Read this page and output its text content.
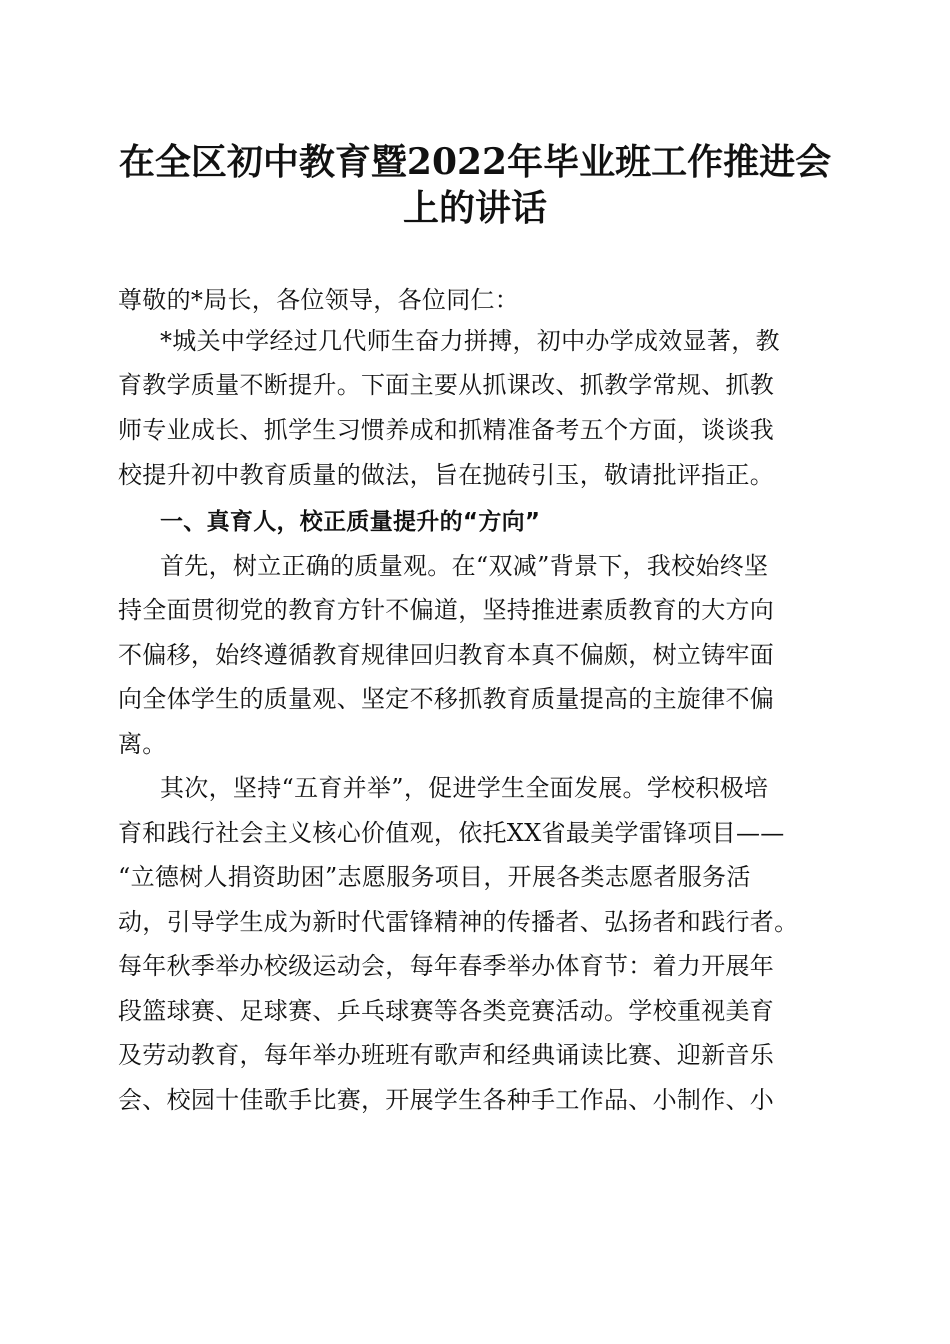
在全区初中教育暨2022年毕业班工作推进会
上的讲话
尊敬的*局长，各位领导，各位同仁：
*城关中学经过几代师生奋力拼搏，初中办学成效显著，教
育教学质量不断提升。下面主要从抓课改、抓教学常规、抓教
师专业成长、抓学生习惯养成和抓精准备考五个方面，谈谈我
校提升初中教育质量的做法，旨在抛砖引玉，敬请批评指正。
一、真育人，校正质量提升的“方向”
首先，树立正确的质量观。在“双减”背景下，我校始终坚
持全面贯彻党的教育方针不偏道，坚持推进素质教育的大方向
不偏移，始终遵循教育规律回归教育本真不偏颇，树立铸牢面
向全体学生的质量观、坚定不移抓教育质量提高的主旋律不偏
离。
其次，坚持“五育并举”，促进学生全面发展。学校积极培
育和践行社会主义核心价值观，依托XX省最美学雷锋项目——
“立德树人捐资助困”志愿服务项目，开展各类志愿者服务活
动，引导学生成为新时代雷锋精神的传播者、弘扬者和践行者。
每年秋季举办校级运动会，每年春季举办体育节：着力开展年
段篮球赛、足球赛、乒乓球赛等各类竞赛活动。学校重视美育
及劳动教育，每年举办班班有歌声和经典诵读比赛、迎新音乐
会、校园十佳歌手比赛，开展学生各种手工作品、小制作、小
